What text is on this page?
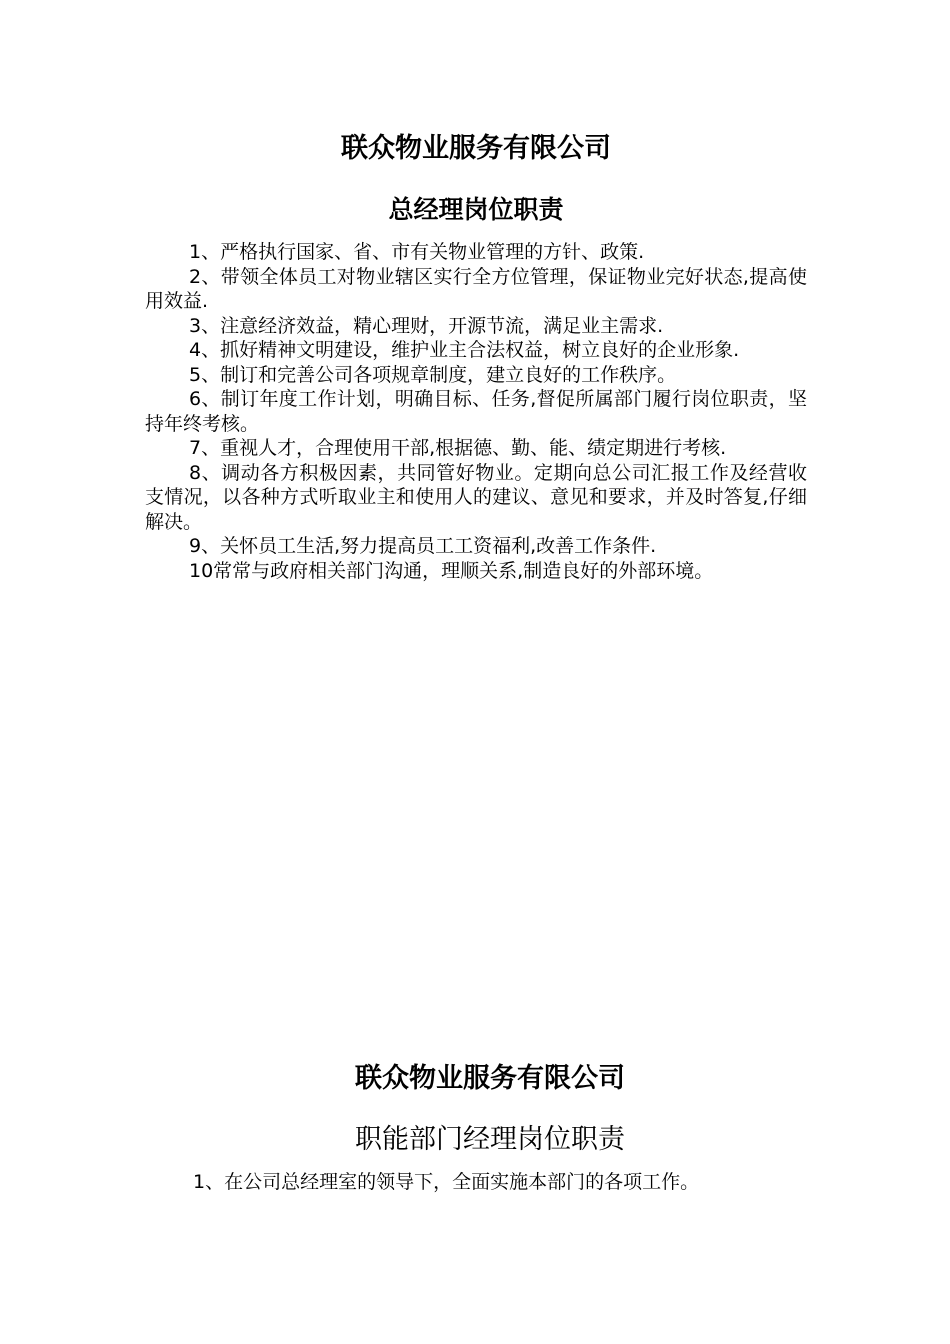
联众物业服务有限公司
总经理岗位职责
1、严格执行国家、省、市有关物业管理的方针、政策.
2、带领全体员工对物业辖区实行全方位管理，保证物业完好状态,提高使用效益.
3、注意经济效益，精心理财，开源节流，满足业主需求.
4、抓好精神文明建设，维护业主合法权益，树立良好的企业形象.
5、制订和完善公司各项规章制度，建立良好的工作秩序。
6、制订年度工作计划，明确目标、任务,督促所属部门履行岗位职责，坚持年终考核。
7、重视人才，合理使用干部,根据德、勤、能、绩定期进行考核.
8、调动各方积极因素，共同管好物业。定期向总公司汇报工作及经营收支情况，以各种方式听取业主和使用人的建议、意见和要求，并及时答复,仔细解决。
9、关怀员工生活,努力提高员工工资福利,改善工作条件.
10常常与政府相关部门沟通，理顺关系,制造良好的外部环境。
联众物业服务有限公司
职能部门经理岗位职责
1、在公司总经理室的领导下，全面实施本部门的各项工作。
